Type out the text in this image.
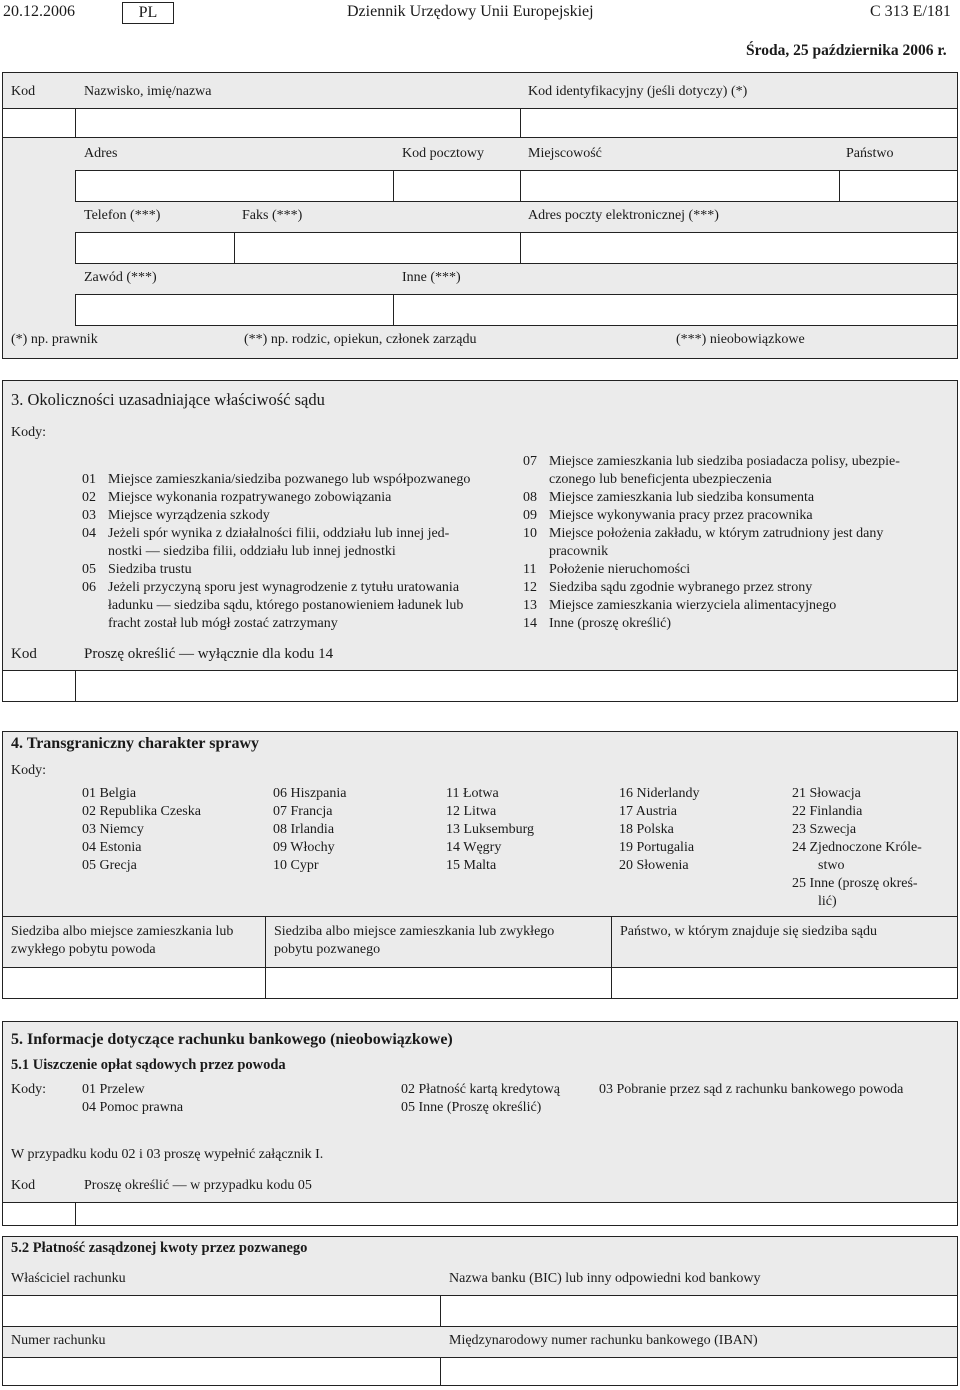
20.12.2006	PL	Dziennik Urzędowy Unii Europejskiej	C 313 E/181
Środa, 25 października 2006 r.
Kod	Nazwisko, imię/nazwa	Kod identyfikacyjny (jeśli dotyczy) (*)
Adres	Kod pocztowy	Miejscowość	Państwo
Telefon (***)	Faks (***)	Adres poczty elektronicznej (***)
Zawód (***)	Inne (***)
(*) np. prawnik	(**) np. rodzic, opiekun, członek zarządu	(***) nieobowiązkowe
3. Okoliczności uzasadniające właściwość sądu
Kody:
01 Miejsce zamieszkania/siedziba pozwanego lub współpozwanego
02 Miejsce wykonania rozpatrywanego zobowiązania
03 Miejsce wyrządzenia szkody
04 Jeżeli spór wynika z działalności filii, oddziału lub innej jed-
nostki — siedziba filii, oddziału lub innej jednostki
05 Siedziba trustu
06 Jeżeli przyczyną sporu jest wynagrodzenie z tytułu uratowania
ładunku — siedziba sądu, którego postanowieniem ładunek lub
fracht został lub mógł zostać zatrzymany
07 Miejsce zamieszkania lub siedziba posiadacza polisy, ubezpie-
czonego lub beneficjenta ubezpieczenia
08 Miejsce zamieszkania lub siedziba konsumenta
09 Miejsce wykonywania pracy przez pracownika
10 Miejsce położenia zakładu, w którym zatrudniony jest dany
pracownik
11 Położenie nieruchomości
12 Siedziba sądu zgodnie wybranego przez strony
13 Miejsce zamieszkania wierzyciela alimentacyjnego
14 Inne (proszę określić)
Kod	Proszę określić — wyłącznie dla kodu 14
4. Transgraniczny charakter sprawy
Kody:
01 Belgia
02 Republika Czeska
03 Niemcy
04 Estonia
05 Grecja
06 Hiszpania
07 Francja
08 Irlandia
09 Włochy
10 Cypr
11 Łotwa
12 Litwa
13 Luksemburg
14 Węgry
15 Malta
16 Niderlandy
17 Austria
18 Polska
19 Portugalia
20 Słowenia
21 Słowacja
22 Finlandia
23 Szwecja
24 Zjednoczone Króle-
stwo
25 Inne (proszę okreś-
lić)
Siedziba albo miejsce zamieszkania lub
zwykłego pobytu powoda
Siedziba albo miejsce zamieszkania lub zwykłego
pobytu pozwanego
Państwo, w którym znajduje się siedziba sądu
5. Informacje dotyczące rachunku bankowego (nieobowiązkowe)
5.1 Uiszczenie opłat sądowych przez powoda
Kody:	01 Przelew
04 Pomoc prawna
02 Płatność kartą kredytową
05 Inne (Proszę określić)
03 Pobranie przez sąd z rachunku bankowego powoda
W przypadku kodu 02 i 03 proszę wypełnić załącznik I.
Kod	Proszę określić — w przypadku kodu 05
5.2 Płatność zasądzonej kwoty przez pozwanego
Właściciel rachunku	Nazwa banku (BIC) lub inny odpowiedni kod bankowy
Numer rachunku	Międzynarodowy numer rachunku bankowego (IBAN)
